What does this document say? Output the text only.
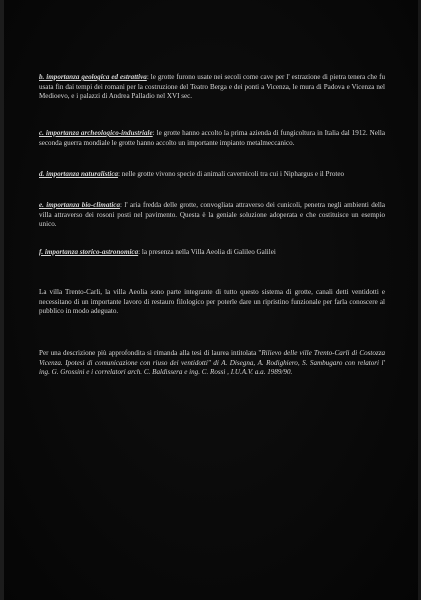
b. importanza geologica ed estrattiva: le grotte furono usate nei secoli come cave per l' estrazione di pietra tenera che fu usata fin dai tempi dei romani per la costruzione del Teatro Berga e dei ponti a Vicenza, le mura di Padova e Vicenza nel Medioevo, e i palazzi di Andrea Palladio nel XVI sec.

c. importanza archeologico-industriale: le grotte hanno accolto la prima azienda di fungicoltura in Italia dal 1912. Nella seconda guerra mondiale le grotte hanno accolto un importante impianto metalmeccanico.

d. importanza naturalistica: nelle grotte vivono specie di animali cavernicoli tra cui i Niphargus e il Proteo

e. importanza bio-climatica: l' aria fredda delle grotte, convogliata attraverso dei cunicoli, penetra negli ambienti della villa attraverso dei rosoni posti nel pavimento. Questa è la geniale soluzione adoperata e che costituisce un esempio unico.

f. importanza storico-astronomica: la presenza nella Villa Aeolia di Galileo Galilei

La villa Trento-Carli, la villa Aeolia sono parte integrante di tutto questo sistema di grotte, canali detti ventidotti e necessitano di un importante lavoro di restauro filologico per poterle dare un ripristino funzionale per farla conoscere al pubblico in modo adeguato.

Per una descrizione più approfondita si rimanda alla tesi di laurea intitolata "Rilievo delle ville Trento-Carli di Costozza Vicenza. Ipotesi di comunicazione con riuso dei ventidotti" di A. Disegna, A. Rodighiero, S. Sambugaro con relatori l' ing. G. Grossini e i correlatori arch. C. Baldissera e ing. C. Rossi , I.U.A.V. a.a. 1989/90.
